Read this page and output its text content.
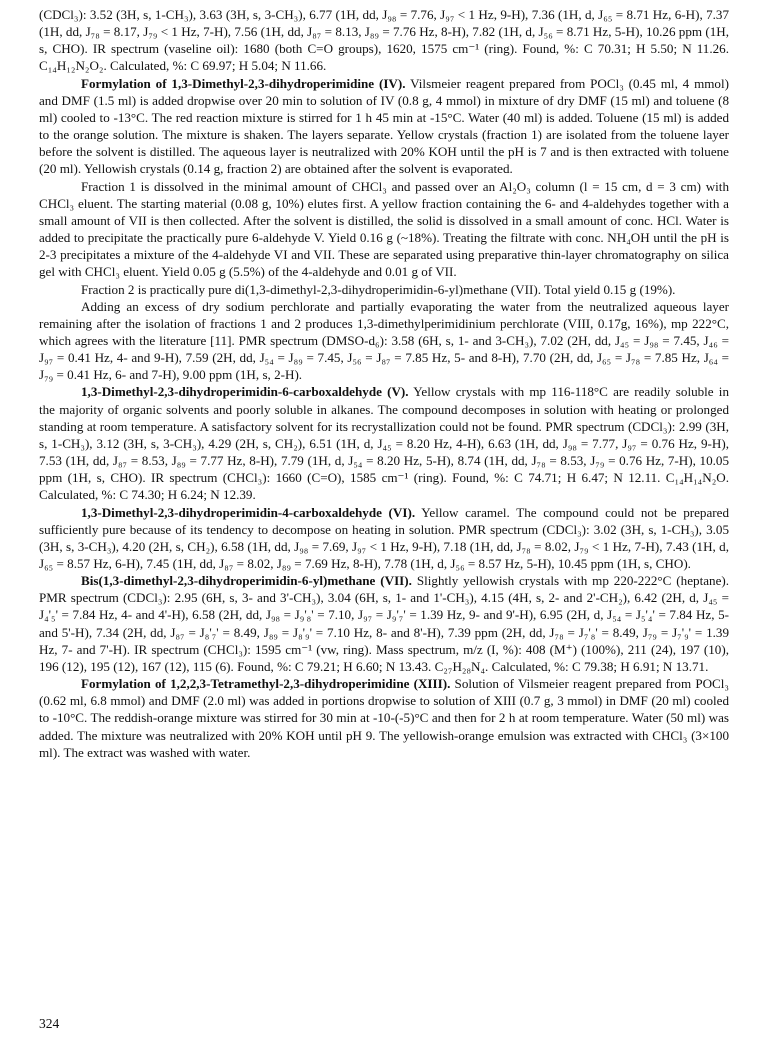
(CDCl₃): 3.52 (3H, s, 1-CH₃), 3.63 (3H, s, 3-CH₃), 6.77 (1H, dd, J₉₈ = 7.76, J₉₇ < 1 Hz, 9-H), 7.36 (1H, d, J₆₅ = 8.71 Hz, 6-H), 7.37 (1H, dd, J₇₈ = 8.17, J₇₉ < 1 Hz, 7-H), 7.56 (1H, dd, J₈₇ = 8.13, J₈₉ = 7.76 Hz, 8-H), 7.82 (1H, d, J₅₆ = 8.71 Hz, 5-H), 10.26 ppm (1H, s, CHO). IR spectrum (vaseline oil): 1680 (both C=O groups), 1620, 1575 cm⁻¹ (ring). Found, %: C 70.31; H 5.50; N 11.26. C₁₄H₁₂N₂O₂. Calculated, %: C 69.97; H 5.04; N 11.66.

Formylation of 1,3-Dimethyl-2,3-dihydroperimidine (IV). Vilsmeier reagent prepared from POCl₃ (0.45 ml, 4 mmol) and DMF (1.5 ml) is added dropwise over 20 min to solution of IV (0.8 g, 4 mmol) in mixture of dry DMF (15 ml) and toluene (8 ml) cooled to -13°C. The red reaction mixture is stirred for 1 h 45 min at -15°C. Water (40 ml) is added. Toluene (15 ml) is added to the orange solution. The mixture is shaken. The layers separate. Yellow crystals (fraction 1) are isolated from the toluene layer before the solvent is distilled. The aqueous layer is neutralized with 20% KOH until the pH is 7 and is then extracted with toluene (20 ml). Yellowish crystals (0.14 g, fraction 2) are obtained after the solvent is evaporated.

Fraction 1 is dissolved in the minimal amount of CHCl₃ and passed over an Al₂O₃ column (l = 15 cm, d = 3 cm) with CHCl₃ eluent. The starting material (0.08 g, 10%) elutes first. A yellow fraction containing the 6- and 4-aldehydes together with a small amount of VII is then collected. After the solvent is distilled, the solid is dissolved in a small amount of conc. HCl. Water is added to precipitate the practically pure 6-aldehyde V. Yield 0.16 g (~18%). Treating the filtrate with conc. NH₄OH until the pH is 2-3 precipitates a mixture of the 4-aldehyde VI and VII. These are separated using preparative thin-layer chromatography on silica gel with CHCl₃ eluent. Yield 0.05 g (5.5%) of the 4-aldehyde and 0.01 g of VII.

Fraction 2 is practically pure di(1,3-dimethyl-2,3-dihydroperimidin-6-yl)methane (VII). Total yield 0.15 g (19%).

Adding an excess of dry sodium perchlorate and partially evaporating the water from the neutralized aqueous layer remaining after the isolation of fractions 1 and 2 produces 1,3-dimethylperimidinium perchlorate (VIII, 0.17g, 16%), mp 222°C, which agrees with the literature [11]. PMR spectrum (DMSO-d₆): 3.58 (6H, s, 1- and 3-CH₃), 7.02 (2H, dd, J₄₅ = J₉₈ = 7.45, J₄₆ = J₉₇ = 0.41 Hz, 4- and 9-H), 7.59 (2H, dd, J₅₄ = J₈₉ = 7.45, J₅₆ = J₈₇ = 7.85 Hz, 5- and 8-H), 7.70 (2H, dd, J₆₅ = J₇₈ = 7.85 Hz, J₆₄ = J₇₉ = 0.41 Hz, 6- and 7-H), 9.00 ppm (1H, s, 2-H).

1,3-Dimethyl-2,3-dihydroperimidin-6-carboxaldehyde (V). Yellow crystals with mp 116-118°C are readily soluble in the majority of organic solvents and poorly soluble in alkanes. The compound decomposes in solution with heating or prolonged standing at room temperature. A satisfactory solvent for its recrystallization could not be found. PMR spectrum (CDCl₃): 2.99 (3H, s, 1-CH₃), 3.12 (3H, s, 3-CH₃), 4.29 (2H, s, CH₂), 6.51 (1H, d, J₄₅ = 8.20 Hz, 4-H), 6.63 (1H, dd, J₉₈ = 7.77, J₉₇ = 0.76 Hz, 9-H), 7.53 (1H, dd, J₈₇ = 8.53, J₈₉ = 7.77 Hz, 8-H), 7.79 (1H, d, J₅₄ = 8.20 Hz, 5-H), 8.74 (1H, dd, J₇₈ = 8.53, J₇₉ = 0.76 Hz, 7-H), 10.05 ppm (1H, s, CHO). IR spectrum (CHCl₃): 1660 (C=O), 1585 cm⁻¹ (ring). Found, %: C 74.71; H 6.47; N 12.11. C₁₄H₁₄N₂O. Calculated, %: C 74.30; H 6.24; N 12.39.

1,3-Dimethyl-2,3-dihydroperimidin-4-carboxaldehyde (VI). Yellow caramel. The compound could not be prepared sufficiently pure because of its tendency to decompose on heating in solution. PMR spectrum (CDCl₃): 3.02 (3H, s, 1-CH₃), 3.05 (3H, s, 3-CH₃), 4.20 (2H, s, CH₂), 6.58 (1H, dd, J₉₈ = 7.69, J₉₇ < 1 Hz, 9-H), 7.18 (1H, dd, J₇₈ = 8.02, J₇₉ < 1 Hz, 7-H), 7.43 (1H, d, J₆₅ = 8.57 Hz, 6-H), 7.45 (1H, dd, J₈₇ = 8.02, J₈₉ = 7.69 Hz, 8-H), 7.78 (1H, d, J₅₆ = 8.57 Hz, 5-H), 10.45 ppm (1H, s, CHO).

Bis(1,3-dimethyl-2,3-dihydroperimidin-6-yl)methane (VII). Slightly yellowish crystals with mp 220-222°C (heptane). PMR spectrum (CDCl₃): 2.95 (6H, s, 3- and 3'-CH₃), 3.04 (6H, s, 1- and 1'-CH₃), 4.15 (4H, s, 2- and 2'-CH₂), 6.42 (2H, d, J₄₅ = J₄'₅' = 7.84 Hz, 4- and 4'-H), 6.58 (2H, dd, J₉₈ = J₉'₈' = 7.10, J₉₇ = J₉'₇' = 1.39 Hz, 9- and 9'-H), 6.95 (2H, d, J₅₄ = J₅'₄' = 7.84 Hz, 5- and 5'-H), 7.34 (2H, dd, J₈₇ = J₈'₇' = 8.49, J₈₉ = J₈'₉' = 7.10 Hz, 8- and 8'-H), 7.39 ppm (2H, dd, J₇₈ = J₇'₈' = 8.49, J₇₉ = J₇'₉' = 1.39 Hz, 7- and 7'-H). IR spectrum (CHCl₃): 1595 cm⁻¹ (vw, ring). Mass spectrum, m/z (I, %): 408 (M⁺) (100%), 211 (24), 197 (10), 196 (12), 195 (12), 167 (12), 115 (6). Found, %: C 79.21; H 6.60; N 13.43. C₂₇H₂₈N₄. Calculated, %: C 79.38; H 6.91; N 13.71.

Formylation of 1,2,2,3-Tetramethyl-2,3-dihydroperimidine (XIII). Solution of Vilsmeier reagent prepared from POCl₃ (0.62 ml, 6.8 mmol) and DMF (2.0 ml) was added in portions dropwise to solution of XIII (0.7 g, 3 mmol) in DMF (20 ml) cooled to -10°C. The reddish-orange mixture was stirred for 30 min at -10-(-5)°C and then for 2 h at room temperature. Water (50 ml) was added. The mixture was neutralized with 20% KOH until pH 9. The yellowish-orange emulsion was extracted with CHCl₃ (3×100 ml). The extract was washed with water.

324
